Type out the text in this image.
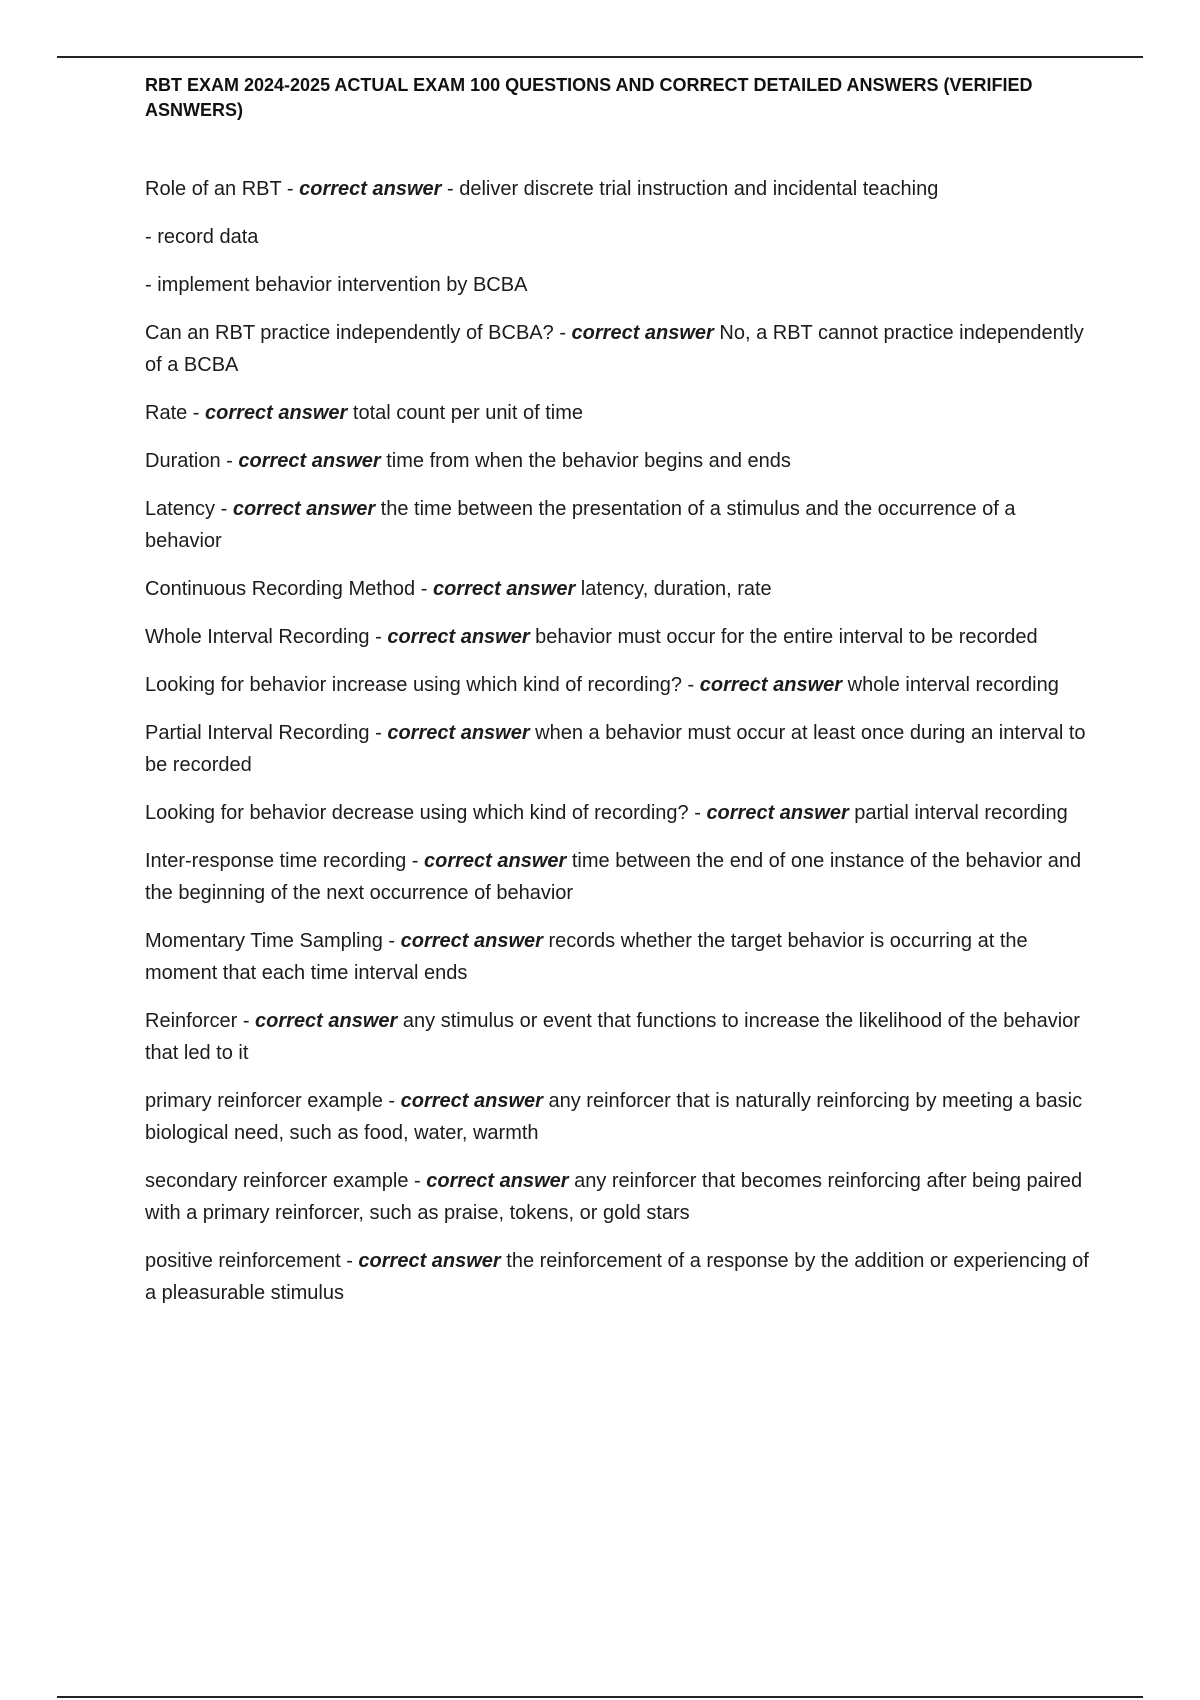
RBT EXAM 2024-2025 ACTUAL EXAM 100 QUESTIONS AND CORRECT DETAILED ANSWERS (VERIFIED ASNWERS)
Role of an RBT - correct answer - deliver discrete trial instruction and incidental teaching
- record data
- implement behavior intervention by BCBA
Can an RBT practice independently of BCBA? - correct answer No, a RBT cannot practice independently of a BCBA
Rate - correct answer total count per unit of time
Duration - correct answer time from when the behavior begins and ends
Latency - correct answer the time between the presentation of a stimulus and the occurrence of a behavior
Continuous Recording Method - correct answer latency, duration, rate
Whole Interval Recording - correct answer behavior must occur for the entire interval to be recorded
Looking for behavior increase using which kind of recording? - correct answer whole interval recording
Partial Interval Recording - correct answer when a behavior must occur at least once during an interval to be recorded
Looking for behavior decrease using which kind of recording? - correct answer partial interval recording
Inter-response time recording - correct answer time between the end of one instance of the behavior and the beginning of the next occurrence of behavior
Momentary Time Sampling - correct answer records whether the target behavior is occurring at the moment that each time interval ends
Reinforcer - correct answer any stimulus or event that functions to increase the likelihood of the behavior that led to it
primary reinforcer example - correct answer any reinforcer that is naturally reinforcing by meeting a basic biological need, such as food, water, warmth
secondary reinforcer example - correct answer any reinforcer that becomes reinforcing after being paired with a primary reinforcer, such as praise, tokens, or gold stars
positive reinforcement - correct answer the reinforcement of a response by the addition or experiencing of a pleasurable stimulus
